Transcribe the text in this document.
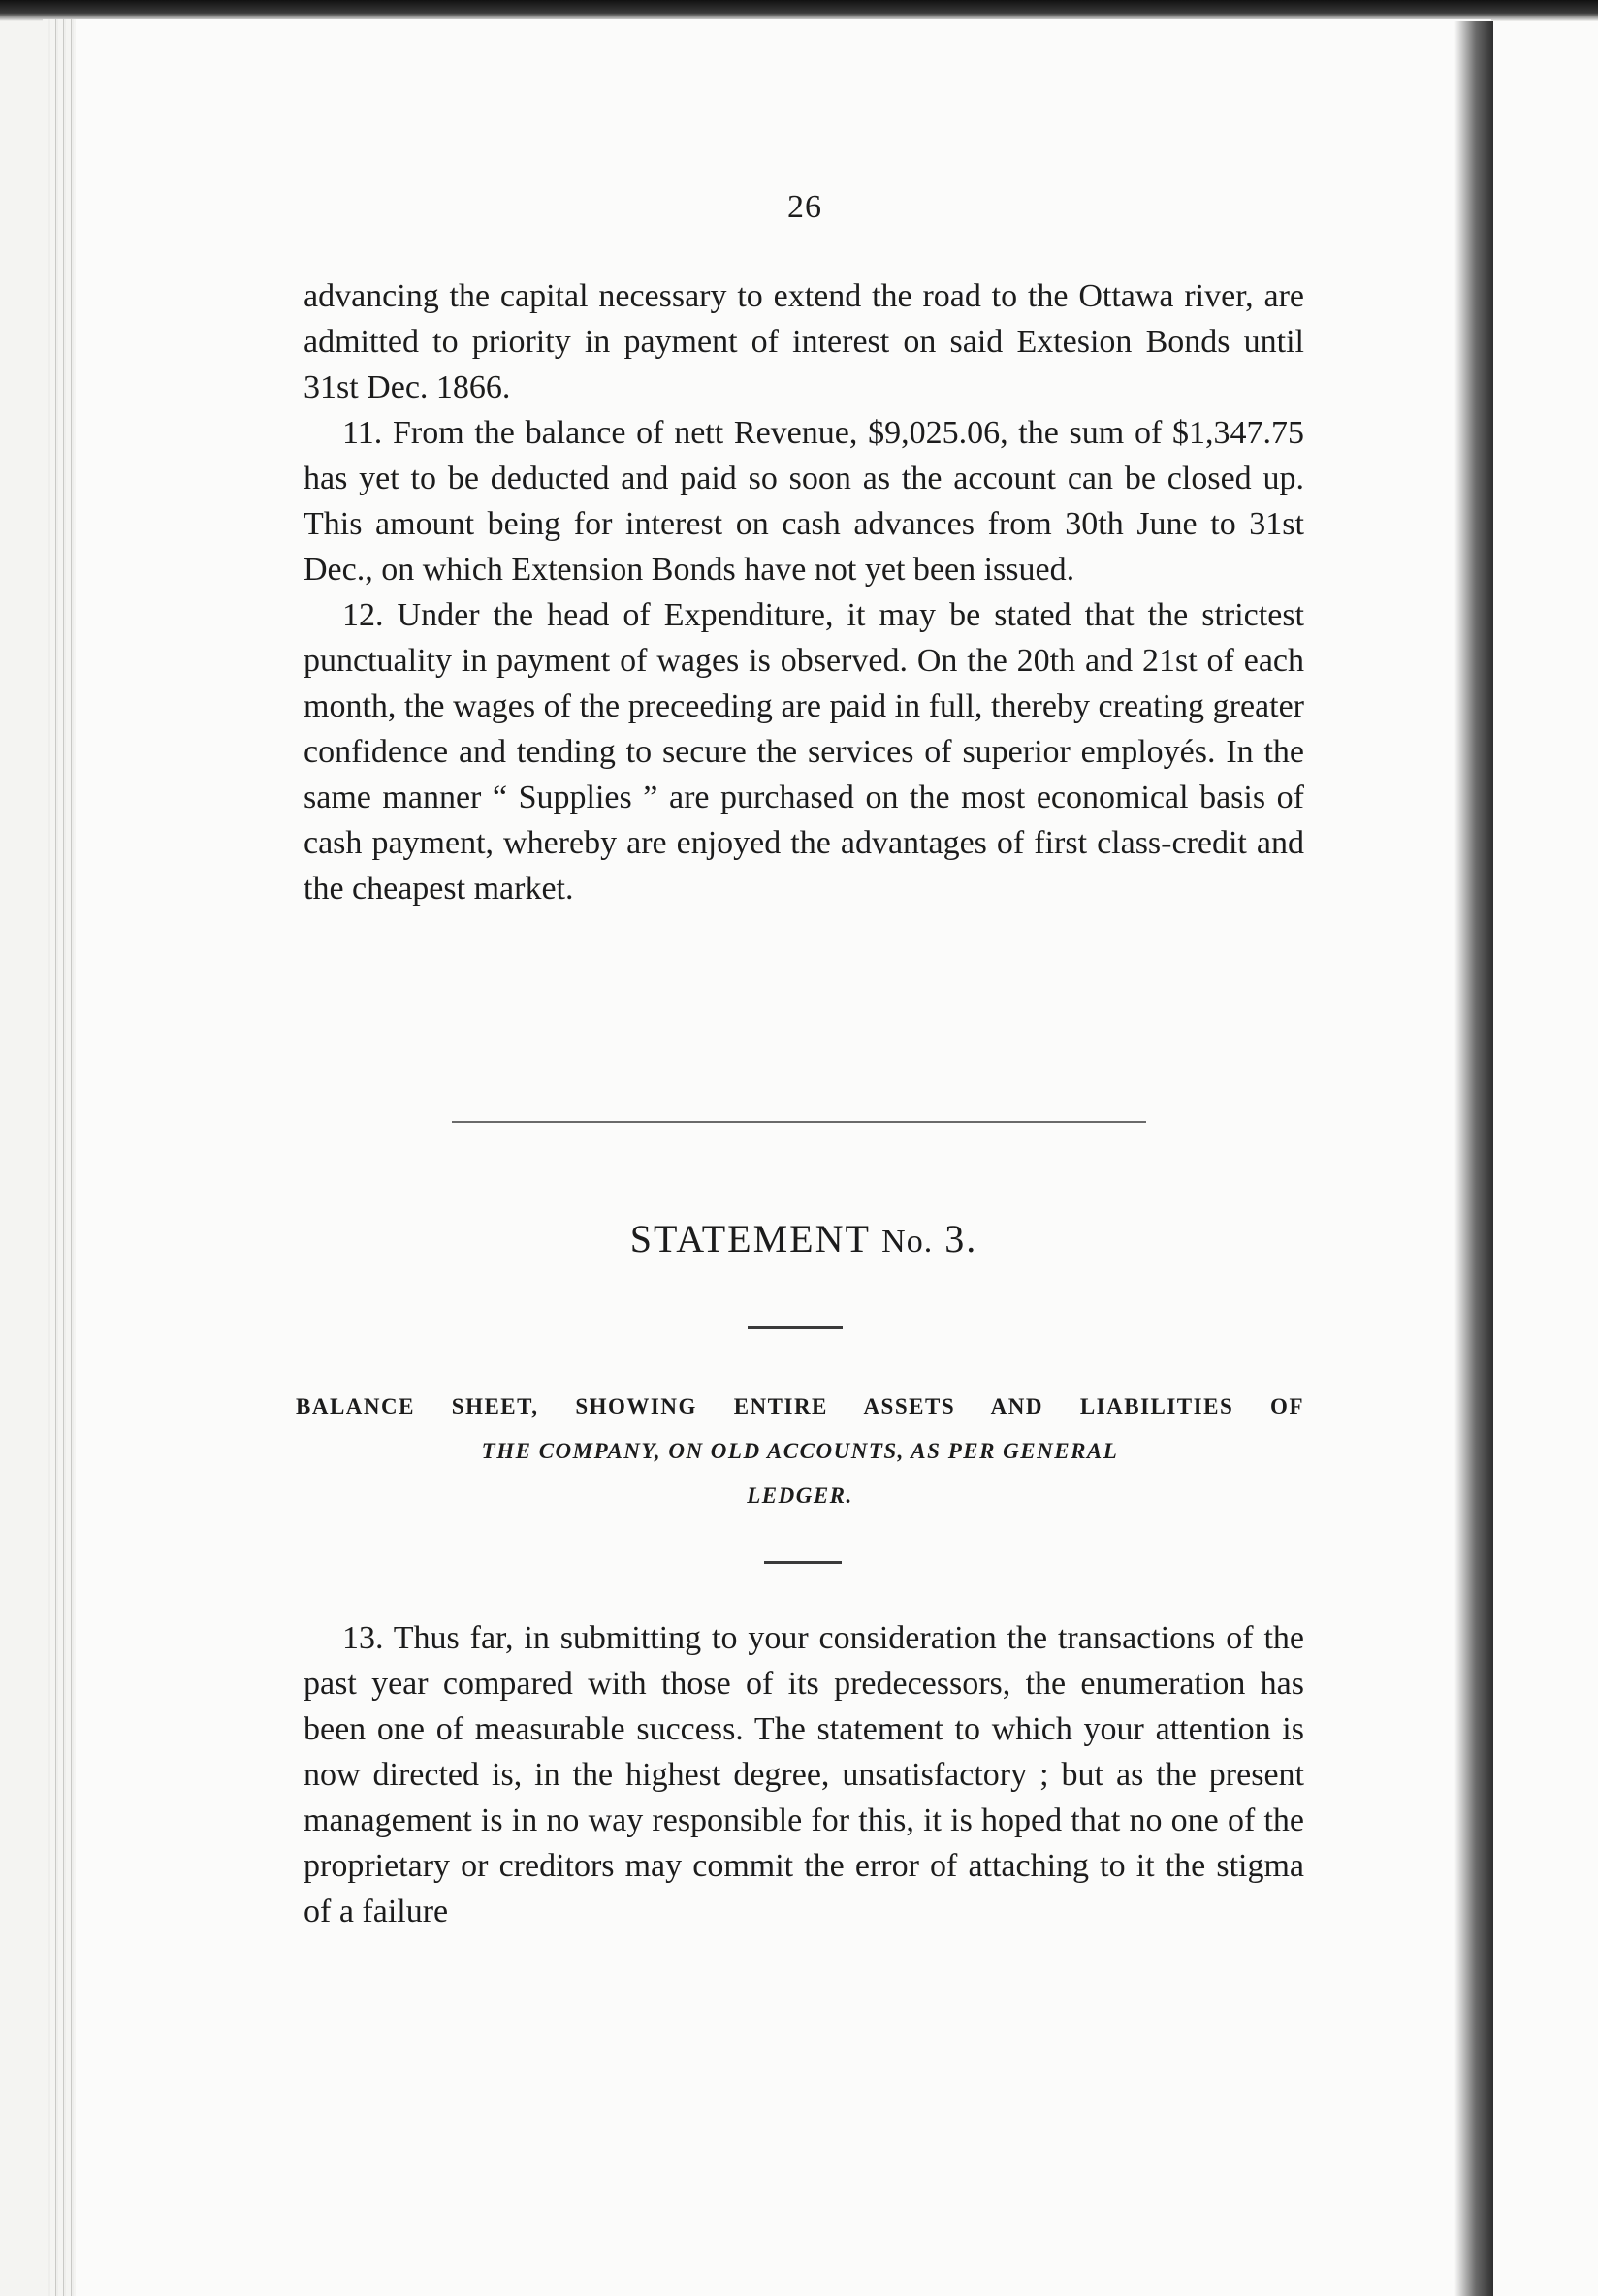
26

advancing the capital necessary to extend the road to the Ottawa river, are admitted to priority in payment of interest on said Extesion Bonds until 31st Dec. 1866.

11. From the balance of nett Revenue, $9,025.06, the sum of $1,347.75 has yet to be deducted and paid so soon as the account can be closed up. This amount being for interest on cash advances from 30th June to 31st Dec., on which Extension Bonds have not yet been issued.

12. Under the head of Expenditure, it may be stated that the strictest punctuality in payment of wages is observed. On the 20th and 21st of each month, the wages of the preceeding are paid in full, thereby creating greater confidence and tending to secure the services of superior employés. In the same manner “ Supplies ” are purchased on the most economical basis of cash payment, whereby are enjoyed the advantages of first class-credit and the cheapest market.

STATEMENT No. 3.
BALANCE SHEET, SHOWING ENTIRE ASSETS AND LIABILITIES OF
THE COMPANY, ON OLD ACCOUNTS, AS PER GENERAL
LEDGER.

13. Thus far, in submitting to your consideration the transactions of the past year compared with those of its predecessors, the enumeration has been one of measurable success. The statement to which your attention is now directed is, in the highest degree, unsatisfactory ; but as the present management is in no way responsible for this, it is hoped that no one of the proprietary or creditors may commit the error of attaching to it the stigma of a failure
